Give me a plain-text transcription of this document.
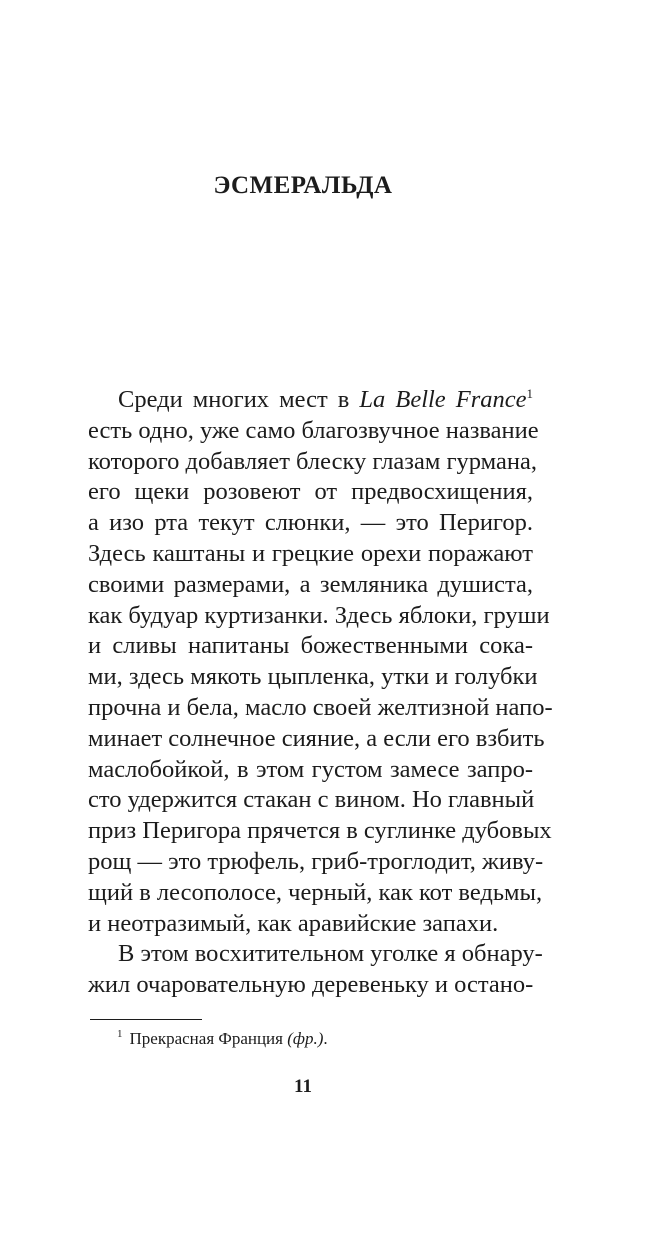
ЭСМЕРАЛЬДА
Среди многих мест в La Belle France$^1$
есть одно, уже само благозвучное название
которого добавляет блеску глазам гурмана,
его щеки розовеют от предвосхищения,
а изо рта текут слюнки, — это Перигор.
Здесь каштаны и грецкие орехи поражают
своими размерами, а земляника душиста,
как будуар куртизанки. Здесь яблоки, груши
и сливы напитаны божественными сока-
ми, здесь мякоть цыпленка, утки и голубки
прочна и бела, масло своей желтизной напо-
минает солнечное сияние, а если его взбить
маслобойкой, в этом густом замесе запро-
сто удержится стакан с вином. Но главный
приз Перигора прячется в суглинке дубовых
рощ — это трюфель, гриб-троглодит, живу-
щий в лесополосе, черный, как кот ведьмы,
и неотразимый, как аравийские запахи.
В этом восхитительном уголке я обнару-
жил очаровательную деревеньку и остано-
$^1$ Прекрасная Франция (фр.).
11
